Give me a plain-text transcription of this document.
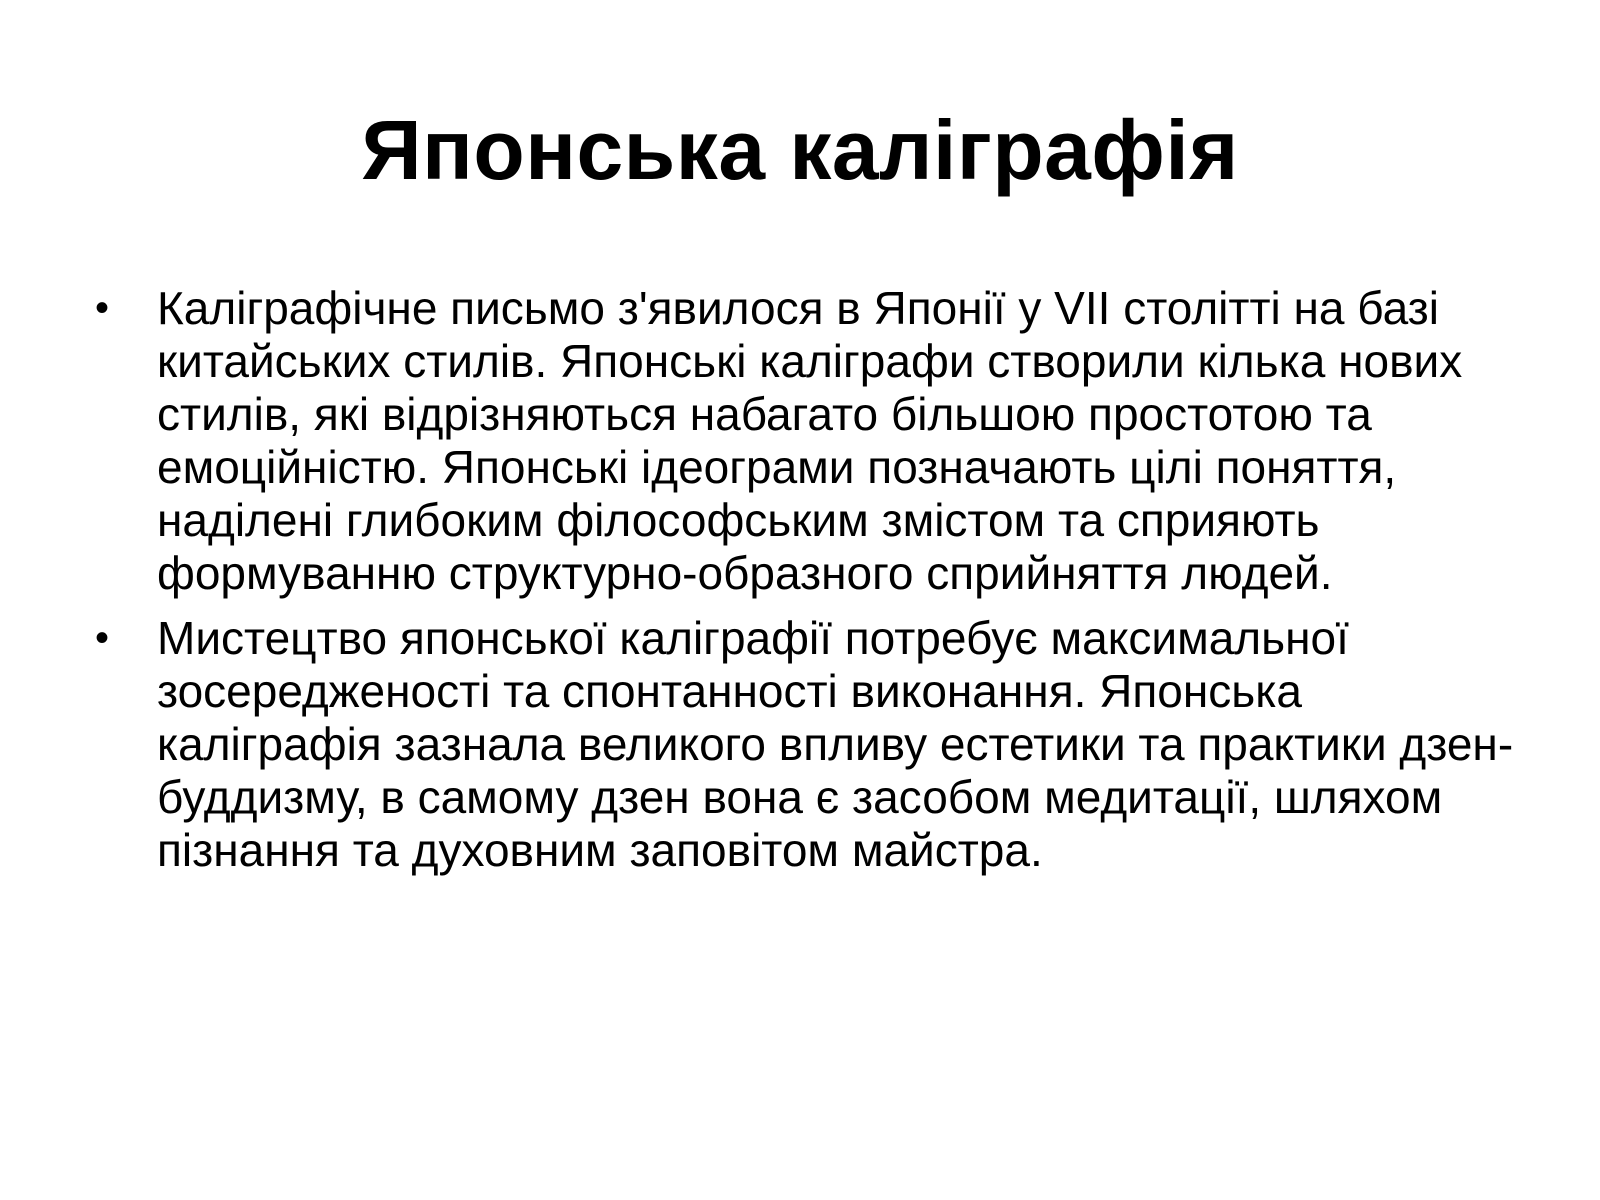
Японська каліграфія
•	Каліграфічне письмо з'явилося в Японії у VII столітті на базі китайських стилів. Японські каліграфи створили кілька нових стилів, які відрізняються набагато більшою простотою та емоційністю. Японські ідеограми позначають цілі поняття, наділені глибоким філософським змістом та сприяють формуванню структурно-образного сприйняття людей.
•	Мистецтво японської каліграфії потребує максимальної зосередженості та спонтанності виконання. Японська каліграфія зазнала великого впливу естетики та практики дзен-буддизму, в самому дзен вона є засобом медитації, шляхом пізнання та духовним заповітом майстра.
